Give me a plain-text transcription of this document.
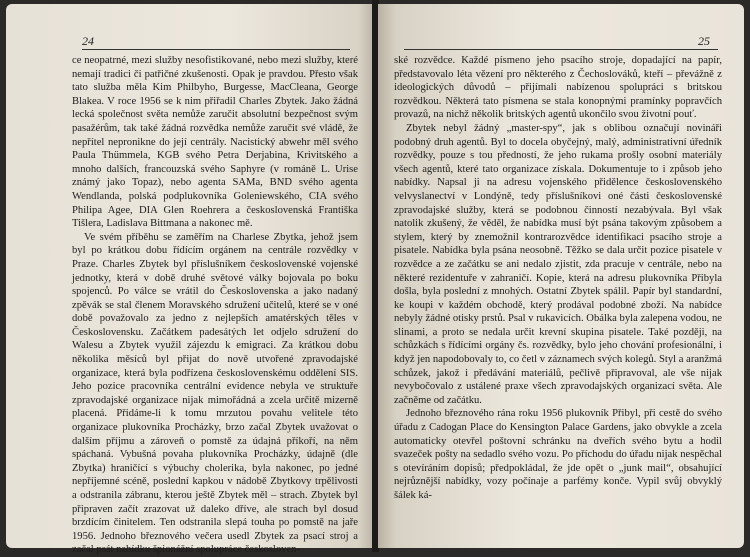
24

ce neopatrné, mezi služby nesofistikované, nebo mezi služby, které nemají tradici či patřičné zkušenosti. Opak je pravdou. Přesto však tato služba měla Kim Philbyho, Burgesse, MacCleana, George Blakea. V roce 1956 se k nim přiřadil Charles Zbytek. Jako žádná lecká společnost světa nemůže zaručit absolutní bezpečnost svým pasažérům, tak také žádná rozvědka nemůže zaručit své vládě, že nepřítel nepronikne do její centrály. Nacistický abwehr měl svého Paula Thümmela, KGB svého Petra Derjabina, Krivitského a mnoho dalších, francouzská svého Saphyre (v románě L. Urise známý jako Topaz), nebo agenta SAMa, BND svého agenta Wendlanda, polská podplukovníka Goleniewského, CIA svého Philipa Agee, DIA Glen Roehrera a československá Františka Tišlera, Ladislava Bittmana a nakonec mě.

Ve svém příběhu se zaměřím na Charlese Zbytka, jehož jsem byl po krátkou dobu řídícím orgánem na centrále rozvědky v Praze. Charles Zbytek byl příslušníkem československé vojenské jednotky, která v době druhé světové války bojovala po boku spojenců. Po válce se vrátil do Československa a jako nadaný zpěvák se stal členem Moravského sdružení učitelů, které se v oné době považovalo za jedno z nejlepších amatérských těles v Československu. Začátkem padesátých let odjelo sdružení do Walesu a Zbytek využil zájezdu k emigraci. Za krátkou dobu několika měsíců byl přijat do nově utvořené zpravodajské organizace, která byla podřízena československému oddělení SIS. Jeho pozice pracovníka centrální evidence nebyla ve struktuře zpravodajské organizace nijak mimořádná a zcela určitě mizerně placená. Přidáme-li k tomu mrzutou povahu velitele této organizace plukovníka Procházky, brzo začal Zbytek uvažovat o dalším příjmu a zároveň o pomstě za údajná příkoří, na něm spáchaná. Vybušná povaha plukovníka Procházky, údajně (dle Zbytka) hraničící s výbuchy cholerika, byla nakonec, po jedné nepříjemné scéně, poslední kapkou v nádobě Zbytkovy trpělivosti a odstranila zábranu, kterou ještě Zbytek měl – strach. Zbytek byl připraven začít zrazovat už daleko dříve, ale strach byl dosud brzdícím činitelem. Ten odstranila slepá touha po pomstě na jaře 1956. Jednoho březnového večera usedl Zbytek za psací stroj a začal psát nabídku špionážní spolupráce českosloven-

25

ské rozvědce. Každé písmeno jeho psacího stroje, dopadající na papír, představovalo léta vězení pro některého z Čechoslováků, kteří – převážně z ideologických důvodů – přijímali nabízenou spolupráci s britskou rozvědkou. Některá tato písmena se stala konopnými pramínky popravčích provazů, na nichž několik britských agentů ukončilo svou životní pouť.

Zbytek nebyl žádný „master-spy“, jak s oblibou označují novináři podobný druh agentů. Byl to docela obyčejný, malý, administrativní úředník rozvědky, pouze s tou předností, že jeho rukama prošly osobní materiály všech agentů, které tato organizace získala. Dokumentuje to i způsob jeho nabídky. Napsal ji na adresu vojenského přidělence československého velvyslanectví v Londýně, tedy příslušníkovi oné části československé zpravodajské služby, která se podobnou činností nezabývala. Byl však natolik zkušený, že věděl, že nabídka musí být psána takovým způsobem a stylem, který by znemožnil kontrarozvědce identifikaci psacího stroje a pisatele. Nabídka byla psána neosobně. Těžko se dala určit pozice pisatele v rozvědce a ze začátku se ani nedalo zjistit, zda pracuje v centrále, nebo na některé rezidentuře v zahraničí. Kopie, která na adresu plukovníka Přibyla došla, byla poslední z mnohých. Ostatní Zbytek spálil. Papír byl standardní, ke koupi v každém obchodě, který prodával podobné zboží. Na nabídce nebyly žádné otisky prstů. Psal v rukavicích. Obálka byla zalepena vodou, ne slinami, a proto se nedala určit krevní skupina pisatele. Také později, na schůzkách s řídícími orgány čs. rozvědky, bylo jeho chování profesionální, i když jen napodobovaly to, co četl v záznamech svých kolegů. Styl a aranžmá schůzek, jakož i předávání materiálů, pečlivě připravoval, ale vše nijak nevybočovalo z ustálené praxe všech zpravodajských organizací světa. Ale začněme od začátku.

Jednoho březnového rána roku 1956 plukovník Přibyl, při cestě do svého úřadu z Cadogan Place do Kensington Palace Gardens, jako obvykle a zcela automaticky otevřel poštovní schránku na dveřích svého bytu a hodil svazeček pošty na sedadlo svého vozu. Po příchodu do úřadu nijak nespěchal s otevíráním dopisů; předpokládal, že jde opět o „junk mail“, obsahující nejrůznější nabídky, vozy počínaje a parfémy konče. Vypil svůj obvyklý šálek ká-
